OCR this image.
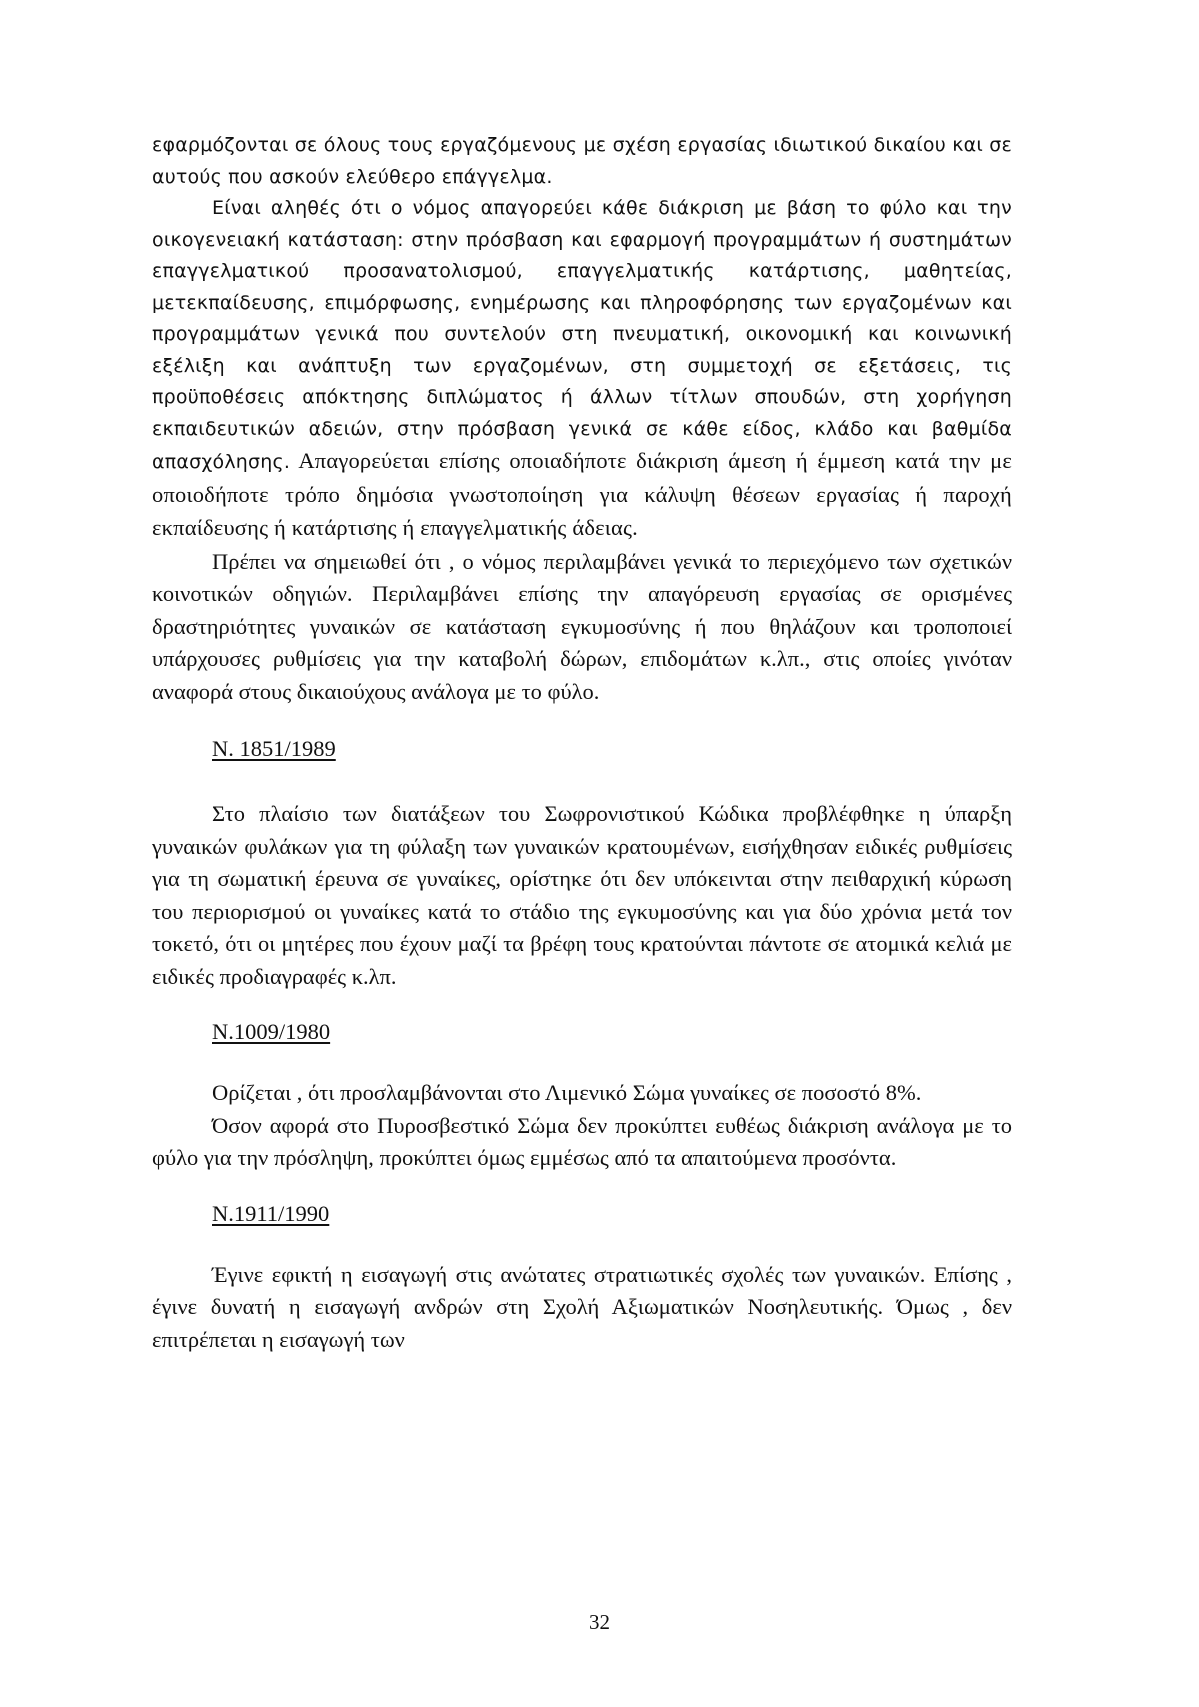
εφαρμόζονται σε όλους τους εργαζόμενους με σχέση εργασίας ιδιωτικού δικαίου και σε αυτούς που ασκούν ελεύθερο επάγγελμα.

Είναι αληθές ότι ο νόμος απαγορεύει κάθε διάκριση με βάση το φύλο και την οικογενειακή κατάσταση: στην πρόσβαση και εφαρμογή προγραμμάτων ή συστημάτων επαγγελματικού προσανατολισμού, επαγγελματικής κατάρτισης, μαθητείας, μετεκπαίδευσης, επιμόρφωσης, ενημέρωσης και πληροφόρησης των εργαζομένων και προγραμμάτων γενικά που συντελούν στη πνευματική, οικονομική και κοινωνική εξέλιξη και ανάπτυξη των εργαζομένων, στη συμμετοχή σε εξετάσεις, τις προϋποθέσεις απόκτησης διπλώματος ή άλλων τίτλων σπουδών, στη χορήγηση εκπαιδευτικών αδειών, στην πρόσβαση γενικά σε κάθε είδος, κλάδο και βαθμίδα απασχόλησης. Απαγορεύεται επίσης οποιαδήποτε διάκριση άμεση ή έμμεση κατά την με οποιοδήποτε τρόπο δημόσια γνωστοποίηση για κάλυψη θέσεων εργασίας ή παροχή εκπαίδευσης ή κατάρτισης ή επαγγελματικής άδειας.

Πρέπει να σημειωθεί ότι , ο νόμος περιλαμβάνει γενικά το περιεχόμενο των σχετικών κοινοτικών οδηγιών. Περιλαμβάνει επίσης την απαγόρευση εργασίας σε ορισμένες δραστηριότητες γυναικών σε κατάσταση εγκυμοσύνης ή που θηλάζουν και τροποποιεί υπάρχουσες ρυθμίσεις για την καταβολή δώρων, επιδομάτων κ.λπ., στις οποίες γινόταν αναφορά στους δικαιούχους ανάλογα με το φύλο.

Ν. 1851/1989

Στο πλαίσιο των διατάξεων του Σωφρονιστικού Κώδικα προβλέφθηκε η ύπαρξη γυναικών φυλάκων για τη φύλαξη των γυναικών κρατουμένων, εισήχθησαν ειδικές ρυθμίσεις για τη σωματική έρευνα σε γυναίκες, ορίστηκε ότι δεν υπόκεινται στην πειθαρχική κύρωση του περιορισμού οι γυναίκες κατά το στάδιο της εγκυμοσύνης και για δύο χρόνια μετά τον τοκετό, ότι οι μητέρες που έχουν μαζί τα βρέφη τους κρατούνται πάντοτε σε ατομικά κελιά με ειδικές προδιαγραφές κ.λπ.

Ν.1009/1980

Ορίζεται , ότι προσλαμβάνονται στο Λιμενικό Σώμα γυναίκες σε ποσοστό 8%.

Όσον αφορά στο Πυροσβεστικό Σώμα δεν προκύπτει ευθέως διάκριση ανάλογα με το φύλο για την πρόσληψη, προκύπτει όμως εμμέσως από τα απαιτούμενα προσόντα.

Ν.1911/1990

Έγινε εφικτή η εισαγωγή στις ανώτατες στρατιωτικές σχολές των γυναικών. Επίσης , έγινε δυνατή η εισαγωγή ανδρών στη Σχολή Αξιωματικών Νοσηλευτικής. Όμως , δεν επιτρέπεται η εισαγωγή των

32
